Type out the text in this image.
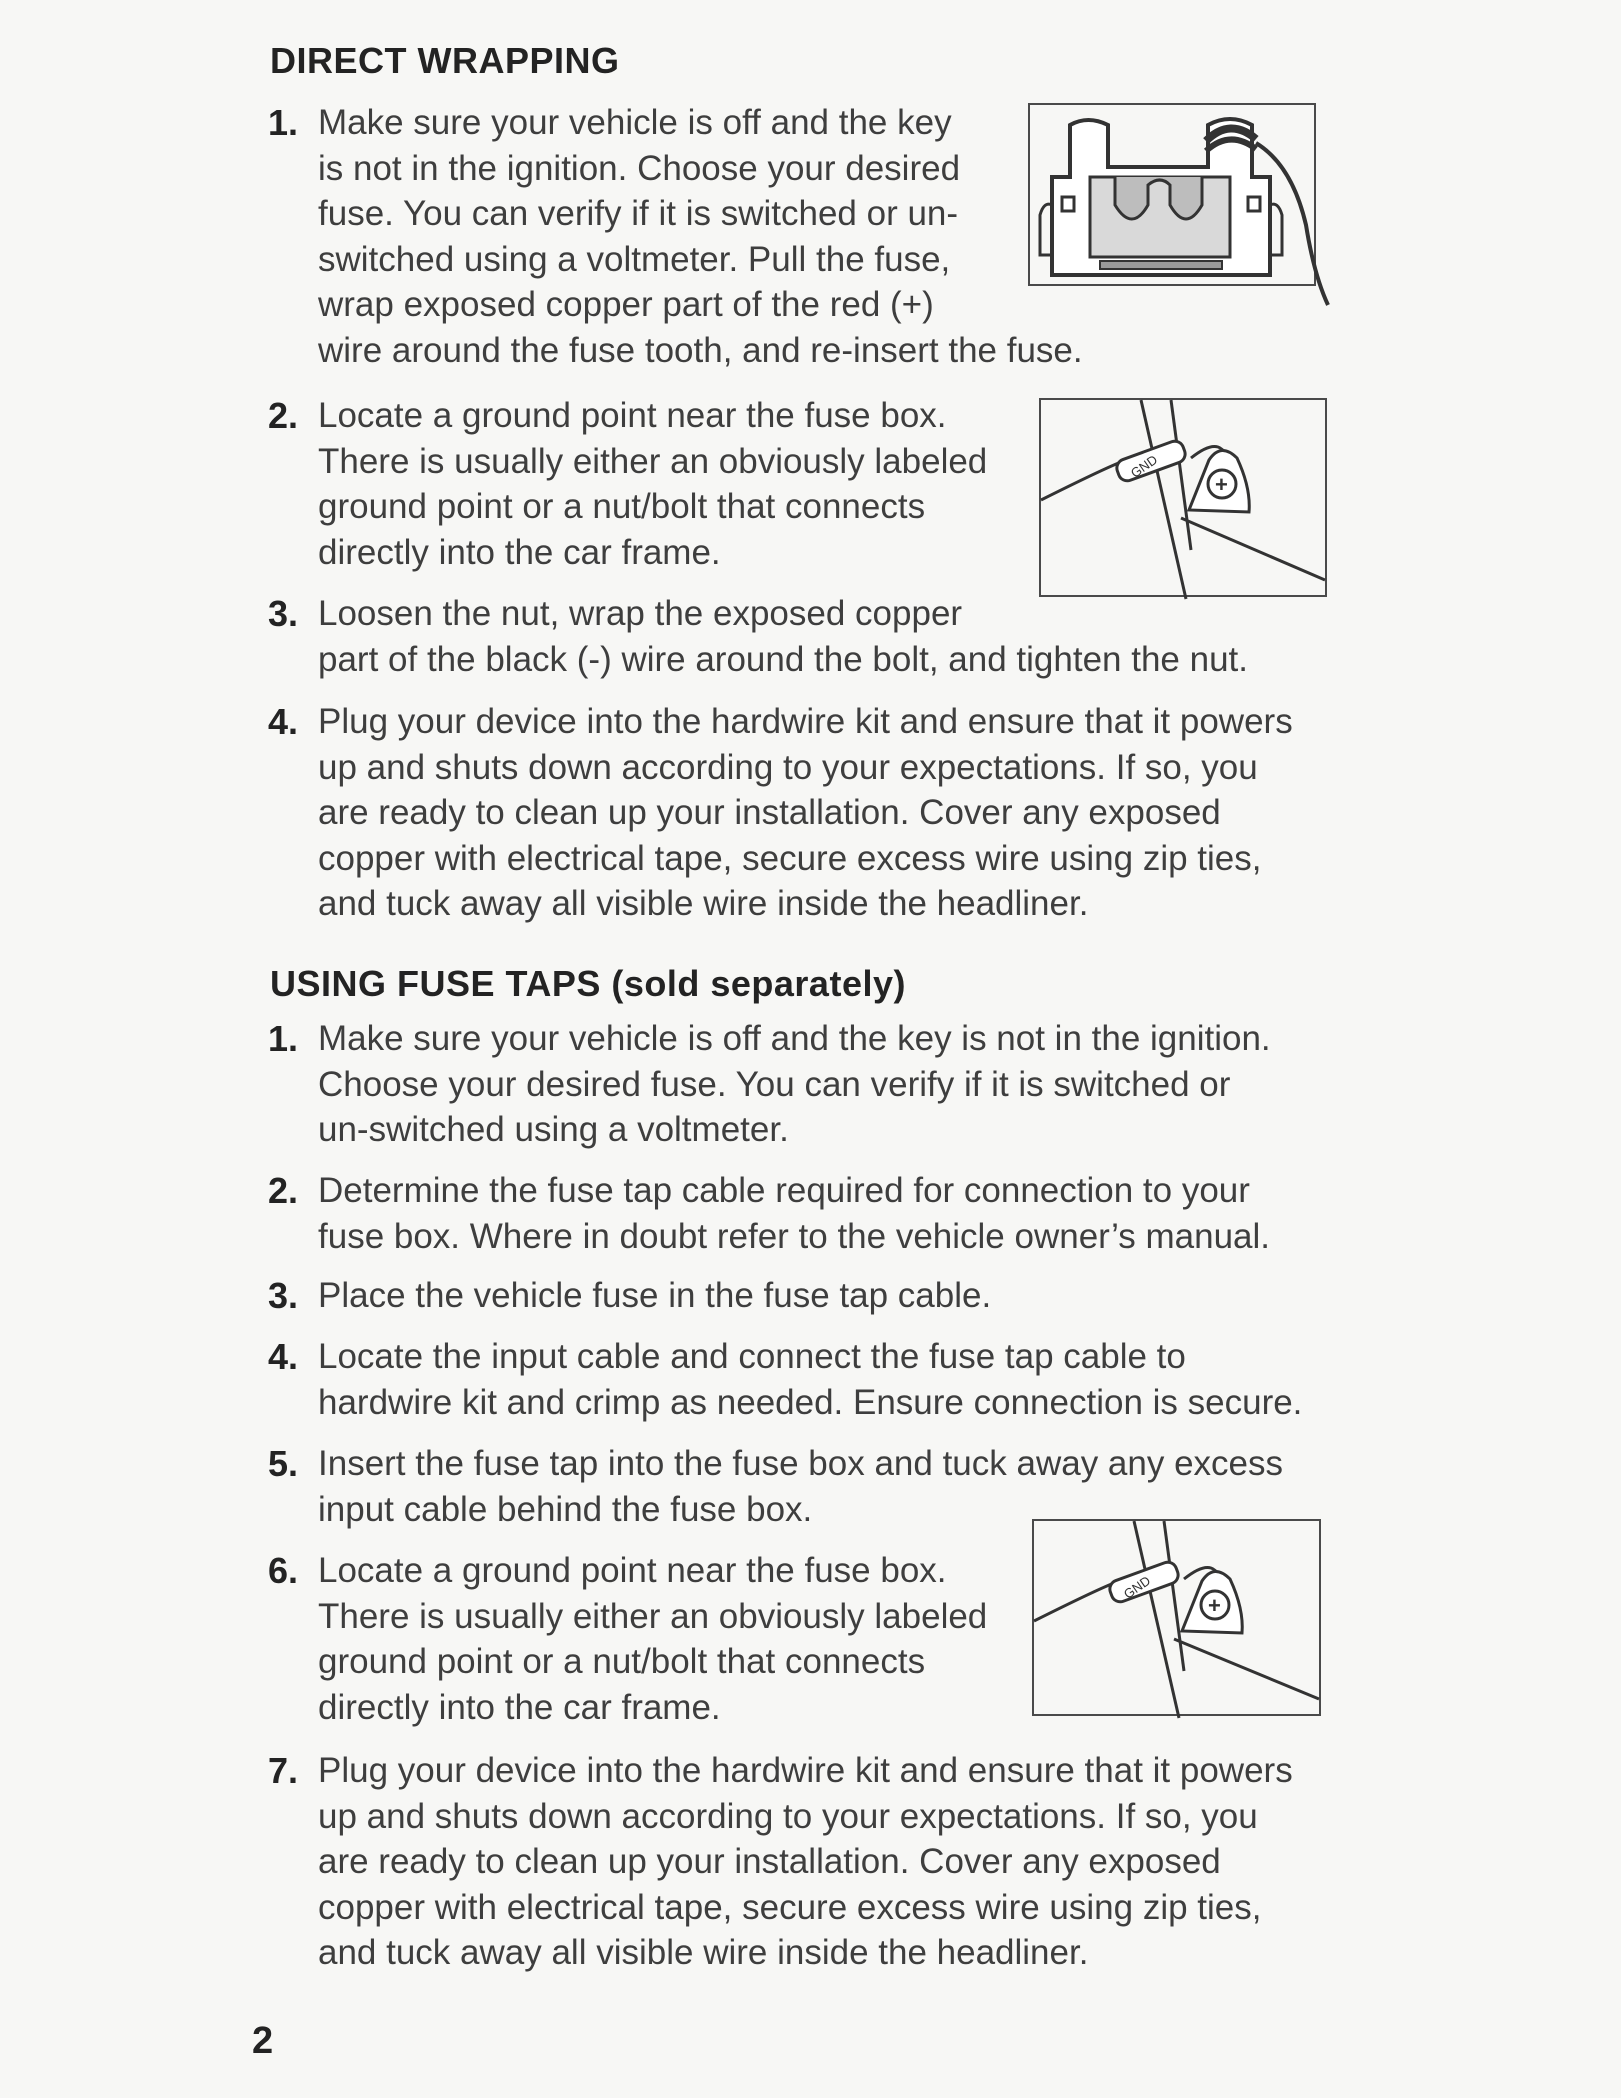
DIRECT WRAPPING
1. Make sure your vehicle is off and the key
is not in the ignition. Choose your desired
fuse. You can verify if it is switched or un-
switched using a voltmeter. Pull the fuse,
wrap exposed copper part of the red (+)
wire around the fuse tooth, and re-insert the fuse.
2. Locate a ground point near the fuse box.
There is usually either an obviously labeled
ground point or a nut/bolt that connects
directly into the car frame.
3. Loosen the nut, wrap the exposed copper
part of the black (-) wire around the bolt, and tighten the nut.
4. Plug your device into the hardwire kit and ensure that it powers
up and shuts down according to your expectations. If so, you
are ready to clean up your installation. Cover any exposed
copper with electrical tape, secure excess wire using zip ties,
and tuck away all visible wire inside the headliner.
USING FUSE TAPS (sold separately)
1. Make sure your vehicle is off and the key is not in the ignition.
Choose your desired fuse. You can verify if it is switched or
un-switched using a voltmeter.
2. Determine the fuse tap cable required for connection to your
fuse box. Where in doubt refer to the vehicle owner’s manual.
3. Place the vehicle fuse in the fuse tap cable.
4. Locate the input cable and connect the fuse tap cable to
hardwire kit and crimp as needed. Ensure connection is secure.
5. Insert the fuse tap into the fuse box and tuck away any excess
input cable behind the fuse box.
6. Locate a ground point near the fuse box.
There is usually either an obviously labeled
ground point or a nut/bolt that connects
directly into the car frame.
7. Plug your device into the hardwire kit and ensure that it powers
up and shuts down according to your expectations. If so, you
are ready to clean up your installation. Cover any exposed
copper with electrical tape, secure excess wire using zip ties,
and tuck away all visible wire inside the headliner.
GND
+
GND
+
2
